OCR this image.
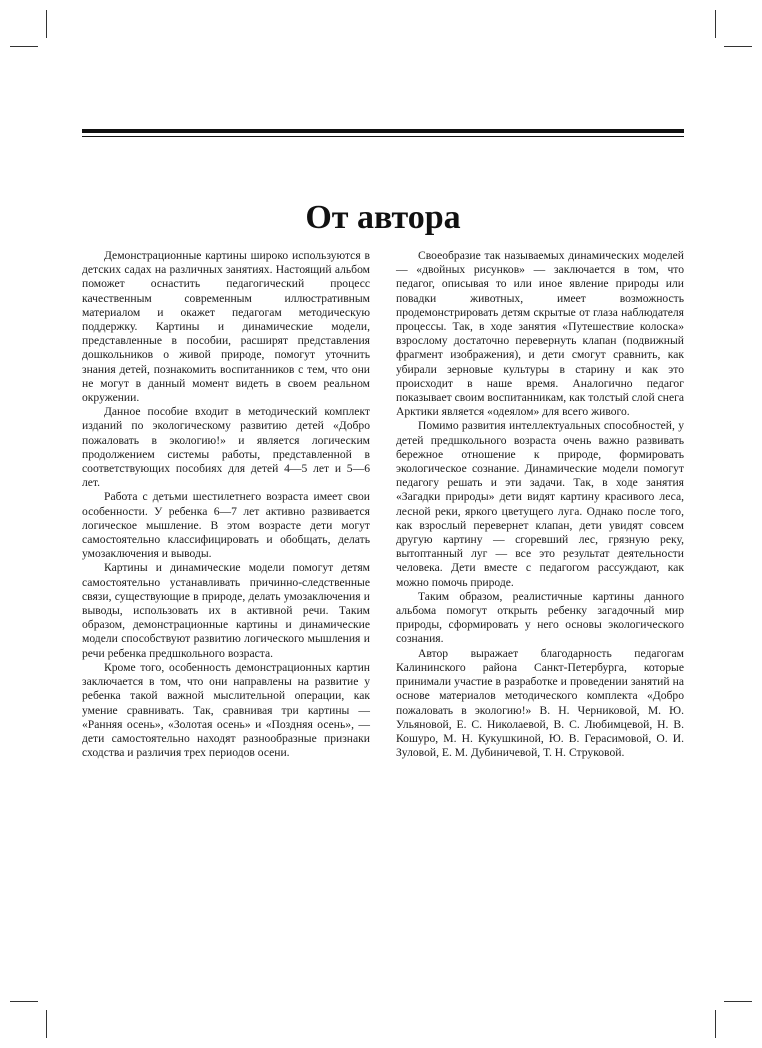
От автора

Демонстрационные картины широко используются в детских садах на различных занятиях. Настоящий альбом поможет оснастить педагогический процесс качественным современным иллюстративным материалом и окажет педагогам методическую поддержку. Картины и динамические модели, представленные в пособии, расширят представления дошкольников о живой природе, помогут уточнить знания детей, познакомить воспитанников с тем, что они не могут в данный момент видеть в своем реальном окружении.

Данное пособие входит в методический комплект изданий по экологическому развитию детей «Добро пожаловать в экологию!» и является логическим продолжением системы работы, представленной в соответствующих пособиях для детей 4—5 лет и 5—6 лет.

Работа с детьми шестилетнего возраста имеет свои особенности. У ребенка 6—7 лет активно развивается логическое мышление. В этом возрасте дети могут самостоятельно классифицировать и обобщать, делать умозаключения и выводы.

Картины и динамические модели помогут детям самостоятельно устанавливать причинно-следственные связи, существующие в природе, делать умозаключения и выводы, использовать их в активной речи. Таким образом, демонстрационные картины и динамические модели способствуют развитию логического мышления и речи ребенка предшкольного возраста.

Кроме того, особенность демонстрационных картин заключается в том, что они направлены на развитие у ребенка такой важной мыслительной операции, как умение сравнивать. Так, сравнивая три картины — «Ранняя осень», «Золотая осень» и «Поздняя осень», — дети самостоятельно находят разнообразные признаки сходства и различия трех периодов осени.

Своеобразие так называемых динамических моделей — «двойных рисунков» — заключается в том, что педагог, описывая то или иное явление природы или повадки животных, имеет возможность продемонстрировать детям скрытые от глаза наблюдателя процессы. Так, в ходе занятия «Путешествие колоска» взрослому достаточно перевернуть клапан (подвижный фрагмент изображения), и дети смогут сравнить, как убирали зерновые культуры в старину и как это происходит в наше время. Аналогично педагог показывает своим воспитанникам, как толстый слой снега Арктики является «одеялом» для всего живого.

Помимо развития интеллектуальных способностей, у детей предшкольного возраста очень важно развивать бережное отношение к природе, формировать экологическое сознание. Динамические модели помогут педагогу решать и эти задачи. Так, в ходе занятия «Загадки природы» дети видят картину красивого леса, лесной реки, яркого цветущего луга. Однако после того, как взрослый перевернет клапан, дети увидят совсем другую картину — сгоревший лес, грязную реку, вытоптанный луг — все это результат деятельности человека. Дети вместе с педагогом рассуждают, как можно помочь природе.

Таким образом, реалистичные картины данного альбома помогут открыть ребенку загадочный мир природы, сформировать у него основы экологического сознания.

Автор выражает благодарность педагогам Калининского района Санкт-Петербурга, которые принимали участие в разработке и проведении занятий на основе материалов методического комплекта «Добро пожаловать в экологию!» В. Н. Черниковой, М. Ю. Ульяновой, Е. С. Николаевой, В. С. Любимцевой, Н. В. Кошуро, М. Н. Кукушкиной, Ю. В. Герасимовой, О. И. Зуловой, Е. М. Дубиничевой, Т. Н. Струковой.
